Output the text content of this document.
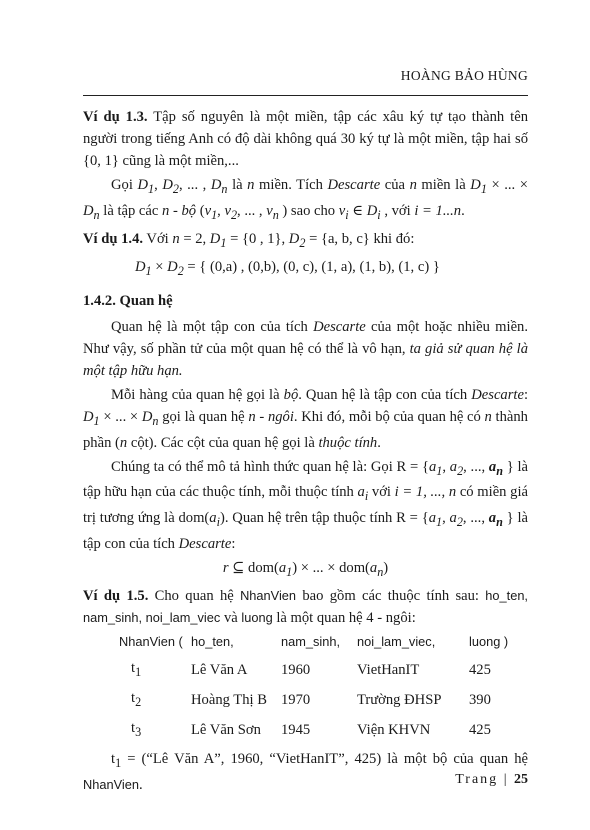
HOÀNG BẢO HÙNG

Ví dụ 1.3. Tập số nguyên là một miền, tập các xâu ký tự tạo thành tên người trong tiếng Anh có độ dài không quá 30 ký tự là một miền, tập hai số {0, 1} cũng là một miền,...

Gọi $D_1$, $D_2$, ... , $D_n$ là n miền. Tích Descarte của n miền là $D_1$ × ... × $D_n$ là tập các n - bộ ($v_1$, $v_2$, ... , $v_n$ ) sao cho $v_i$ ∈ $D_i$ , với i = 1...n.

Ví dụ 1.4. Với n = 2, $D_1 = \{0$ , 1}, $D_2 = \{a$, b, c} khi đó:

$D_1 \times D_2$ = { (0,a) , (0,b), (0, c), (1, a), (1, b), (1, c) }

1.4.2. Quan hệ

Quan hệ là một tập con của tích Descarte của một hoặc nhiều miền. Như vậy, số phần tử của một quan hệ có thể là vô hạn, ta giả sử quan hệ là một tập hữu hạn.

Mỗi hàng của quan hệ gọi là bộ. Quan hệ là tập con của tích Descarte: $D_1$ × ... × $D_n$ gọi là quan hệ n - ngôi. Khi đó, mỗi bộ của quan hệ có n thành phần (n cột). Các cột của quan hệ gọi là thuộc tính.

Chúng ta có thể mô tả hình thức quan hệ là: Gọi $R = \{a_1$, $a_2$, ..., $a_n$ } là tập hữu hạn của các thuộc tính, mỗi thuộc tính $a_i$ với i = 1, ..., n có miền giá trị tương ứng là $dom(a_i)$. Quan hệ trên tập thuộc tính $R = \{a_1$, $a_2$, ..., $a_n$ } là tập con của tích Descarte:

r ⊆ $dom(a_1)$ × ... × $dom(a_n)$

Ví dụ 1.5. Cho quan hệ NhanVien bao gồm các thuộc tính sau: ho_ten, nam_sinh, noi_lam_viec và luong là một quan hệ 4 - ngôi:

NhanVien (	ho_ten,	nam_sinh,	noi_lam_viec,	luong )
$t_1$	Lê Văn A	1960	VietHanIT	425
$t_2$	Hoàng Thị B	1970	Trường ĐHSP	390
$t_3$	Lê Văn Sơn	1945	Viện KHVN	425

$t_1$ = (“Lê Văn A”, 1960, “VietHanIT”, 425) là một bộ của quan hệ NhanVien.	Trang | 25
